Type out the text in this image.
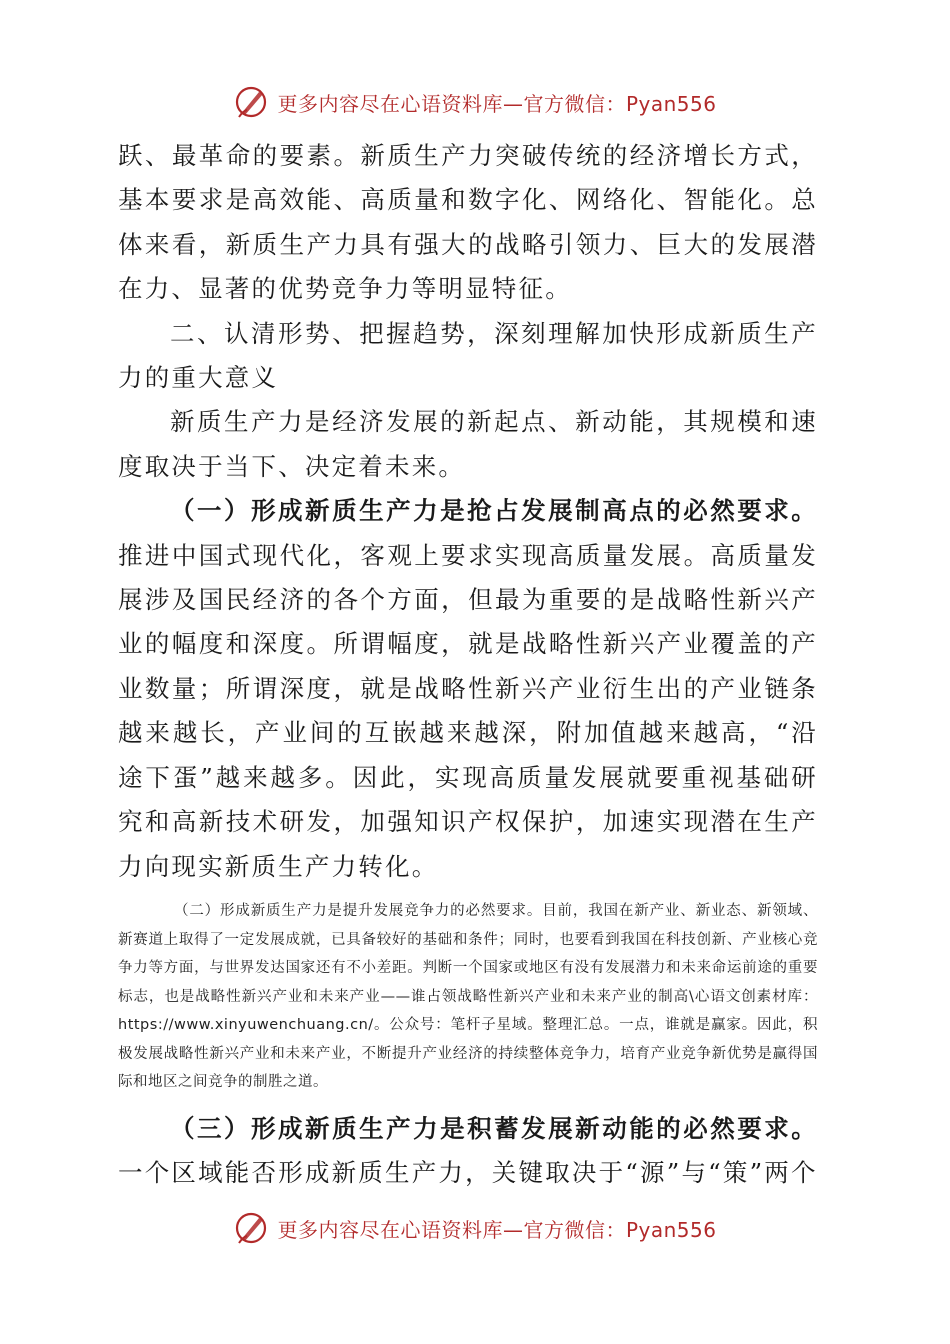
更多内容尽在心语资料库—官方微信：Pyan556

跃、最革命的要素。新质生产力突破传统的经济增长方式，基本要求是高效能、高质量和数字化、网络化、智能化。总体来看，新质生产力具有强大的战略引领力、巨大的发展潜在力、显著的优势竞争力等明显特征。

二、认清形势、把握趋势，深刻理解加快形成新质生产力的重大意义

新质生产力是经济发展的新起点、新动能，其规模和速度取决于当下、决定着未来。

（一）形成新质生产力是抢占发展制高点的必然要求。推进中国式现代化，客观上要求实现高质量发展。高质量发展涉及国民经济的各个方面，但最为重要的是战略性新兴产业的幅度和深度。所谓幅度，就是战略性新兴产业覆盖的产业数量；所谓深度，就是战略性新兴产业衍生出的产业链条越来越长，产业间的互嵌越来越深，附加值越来越高，“沿途下蛋”越来越多。因此，实现高质量发展就要重视基础研究和高新技术研发，加强知识产权保护，加速实现潜在生产力向现实新质生产力转化。

（二）形成新质生产力是提升发展竞争力的必然要求。目前，我国在新产业、新业态、新领域、新赛道上取得了一定发展成就，已具备较好的基础和条件；同时，也要看到我国在科技创新、产业核心竞争力等方面，与世界发达国家还有不小差距。判断一个国家或地区有没有发展潜力和未来命运前途的重要标志，也是战略性新兴产业和未来产业——谁占领战略性新兴产业和未来产业的制高\心语文创素材库：https://www.xinyuwenchuang.cn/。公众号：笔杆子星域。整理汇总。一点，谁就是赢家。因此，积极发展战略性新兴产业和未来产业，不断提升产业经济的持续整体竞争力，培育产业竞争新优势是赢得国际和地区之间竞争的制胜之道。

（三）形成新质生产力是积蓄发展新动能的必然要求。一个区域能否形成新质生产力，关键取决于“源”与“策”两个

更多内容尽在心语资料库—官方微信：Pyan556
